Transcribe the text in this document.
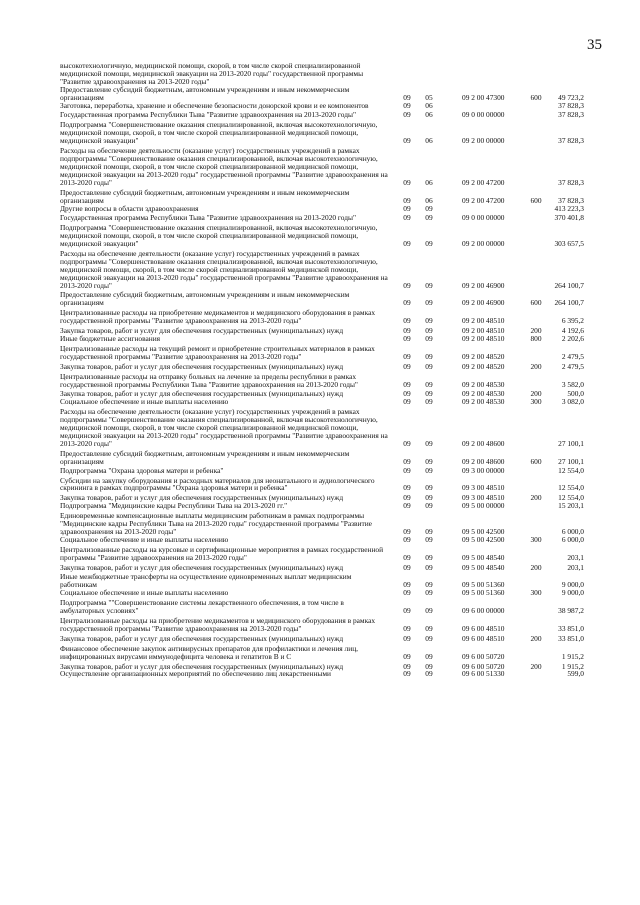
35
высокотехнологичную, медицинской помощи, скорой, в том числе скорой специализированной медицинской помощи, медицинской эвакуации на 2013-2020 годы" государственной программы "Развитие здравоохранения на 2013-2020 годы"
Предоставление субсидий бюджетным, автономным учреждениям и иным некоммерческим организациям	09	05	09 2 00 47300	600	49 723,2
Заготовка, переработка, хранение и обеспечение безопасности донорской крови и ее компонентов	09	06	37 828,3
Государственная программа Республики Тыва "Развитие здравоохранения на 2013-2020 годы"	09	06	09 0 00 00000	37 828,3
Подпрограмма "Совершенствование оказания специализированной, включая высокотехнологичную, медицинской помощи, скорой, в том числе скорой специализированной медицинской помощи, медицинской эвакуации"	09	06	09 2 00 00000	37 828,3
Расходы на обеспечение деятельности (оказание услуг) государственных учреждений в рамках подпрограммы "Совершенствование оказания специализированной, включая высокотехнологичную, медицинской помощи, скорой, в том числе скорой специализированной медицинской помощи, медицинской эвакуации на 2013-2020 годы" государственной программы "Развитие здравоохранения на 2013-2020 годы"	09	06	09 2 00 47200	37 828,3
Предоставление субсидий бюджетным, автономным учреждениям и иным некоммерческим организациям	09	06	09 2 00 47200	600	37 828,3
Другие вопросы в области здравоохранения	09	09	413 223,3
Государственная программа Республики Тыва "Развитие здравоохранения на 2013-2020 годы"	09	09	09 0 00 00000	370 401,8
Подпрограмма "Совершенствование оказания специализированной, включая высокотехнологичную, медицинской помощи, скорой, в том числе скорой специализированной медицинской помощи, медицинской эвакуации"	09	09	09 2 00 00000	303 657,5
Расходы на обеспечение деятельности (оказание услуг) государственных учреждений в рамках подпрограммы "Совершенствование оказания специализированной, включая высокотехнологичную, медицинской помощи, скорой, в том числе скорой специализированной медицинской помощи, медицинской эвакуации на 2013-2020 годы" государственной программы "Развитие здравоохранения на 2013-2020 годы"	09	09	09 2 00 46900	264 100,7
Предоставление субсидий бюджетным, автономным учреждениям и иным некоммерческим организациям	09	09	09 2 00 46900	600	264 100,7
Централизованные расходы на приобретение медикаментов и медицинского оборудования в рамках государственной программы "Развитие здравоохранения на 2013-2020 годы"	09	09	09 2 00 48510	6 395,2
Закупка товаров, работ и услуг для обеспечения государственных (муниципальных) нужд	09	09	09 2 00 48510	200	4 192,6
Иные бюджетные ассигнования	09	09	09 2 00 48510	800	2 202,6
Централизованные расходы на текущий ремонт и приобретение строительных материалов в рамках государственной программы "Развитие здравоохранения на 2013-2020 годы"	09	09	09 2 00 48520	2 479,5
Закупка товаров, работ и услуг для обеспечения государственных (муниципальных) нужд	09	09	09 2 00 48520	200	2 479,5
Централизованные расходы на отправку больных на лечение за пределы республики в рамках государственной программы Республики Тыва "Развитие здравоохранения на 2013-2020 годы"	09	09	09 2 00 48530	3 582,0
Закупка товаров, работ и услуг для обеспечения государственных (муниципальных) нужд	09	09	09 2 00 48530	200	500,0
Социальное обеспечение и иные выплаты населению	09	09	09 2 00 48530	300	3 082,0
Расходы на обеспечение деятельности (оказание услуг) государственных учреждений в рамках подпрограммы "Совершенствование оказания специализированной, включая высокотехнологичную, медицинской помощи, скорой, в том числе скорой специализированной медицинской помощи, медицинской эвакуации на 2013-2020 годы" государственной программы "Развитие здравоохранения на 2013-2020 годы"	09	09	09 2 00 48600	27 100,1
Предоставление субсидий бюджетным, автономным учреждениям и иным некоммерческим организациям	09	09	09 2 00 48600	600	27 100,1
Подпрограмма "Охрана здоровья матери и ребенка"	09	09	09 3 00 00000	12 554,0
Субсидии на закупку оборудования и расходных материалов для неонатального и аудиологического скрининга в рамках подпрограммы "Охрана здоровья матери и ребенка"	09	09	09 3 00 48510	12 554,0
Закупка товаров, работ и услуг для обеспечения государственных (муниципальных) нужд	09	09	09 3 00 48510	200	12 554,0
Подпрограмма "Медицинские кадры Республики Тыва на 2013-2020 гг."	09	09	09 5 00 00000	15 203,1
Единовременные компенсационные выплаты медицинским работникам в рамках подпрограммы "Медицинские кадры Республики Тыва на 2013-2020 годы" государственной программы "Развитие здравоохранения на 2013-2020 годы"	09	09	09 5 00 42500	6 000,0
Социальное обеспечение и иные выплаты населению	09	09	09 5 00 42500	300	6 000,0
Централизованные расходы на курсовые и сертификационные мероприятия в рамках государственной программы "Развитие здравоохранения на 2013-2020 годы"	09	09	09 5 00 48540	203,1
Закупка товаров, работ и услуг для обеспечения государственных (муниципальных) нужд	09	09	09 5 00 48540	200	203,1
Иные межбюджетные трансферты на осуществление единовременных выплат медицинским работникам	09	09	09 5 00 51360	9 000,0
Социальное обеспечение и иные выплаты населению	09	09	09 5 00 51360	300	9 000,0
Подпрограмма ""Совершенствование системы лекарственного обеспечения, в том числе в амбулаторных условиях"	09	09	09 6 00 00000	38 987,2
Централизованные расходы на приобретение медикаментов и медицинского оборудования в рамках государственной программы "Развитие здравоохранения на 2013-2020 годы"	09	09	09 6 00 48510	33 851,0
Закупка товаров, работ и услуг для обеспечения государственных (муниципальных) нужд	09	09	09 6 00 48510	200	33 851,0
Финансовое обеспечение закупок антивирусных препаратов для профилактики и лечения лиц, инфицированных вирусами иммунодефицита человека и гепатитов В и С	09	09	09 6 00 50720	1 915,2
Закупка товаров, работ и услуг для обеспечения государственных (муниципальных) нужд	09	09	09 6 00 50720	200	1 915,2
Осуществление организационных мероприятий по обеспечению лиц лекарственными	09	09	09 6 00 51330	599,0
